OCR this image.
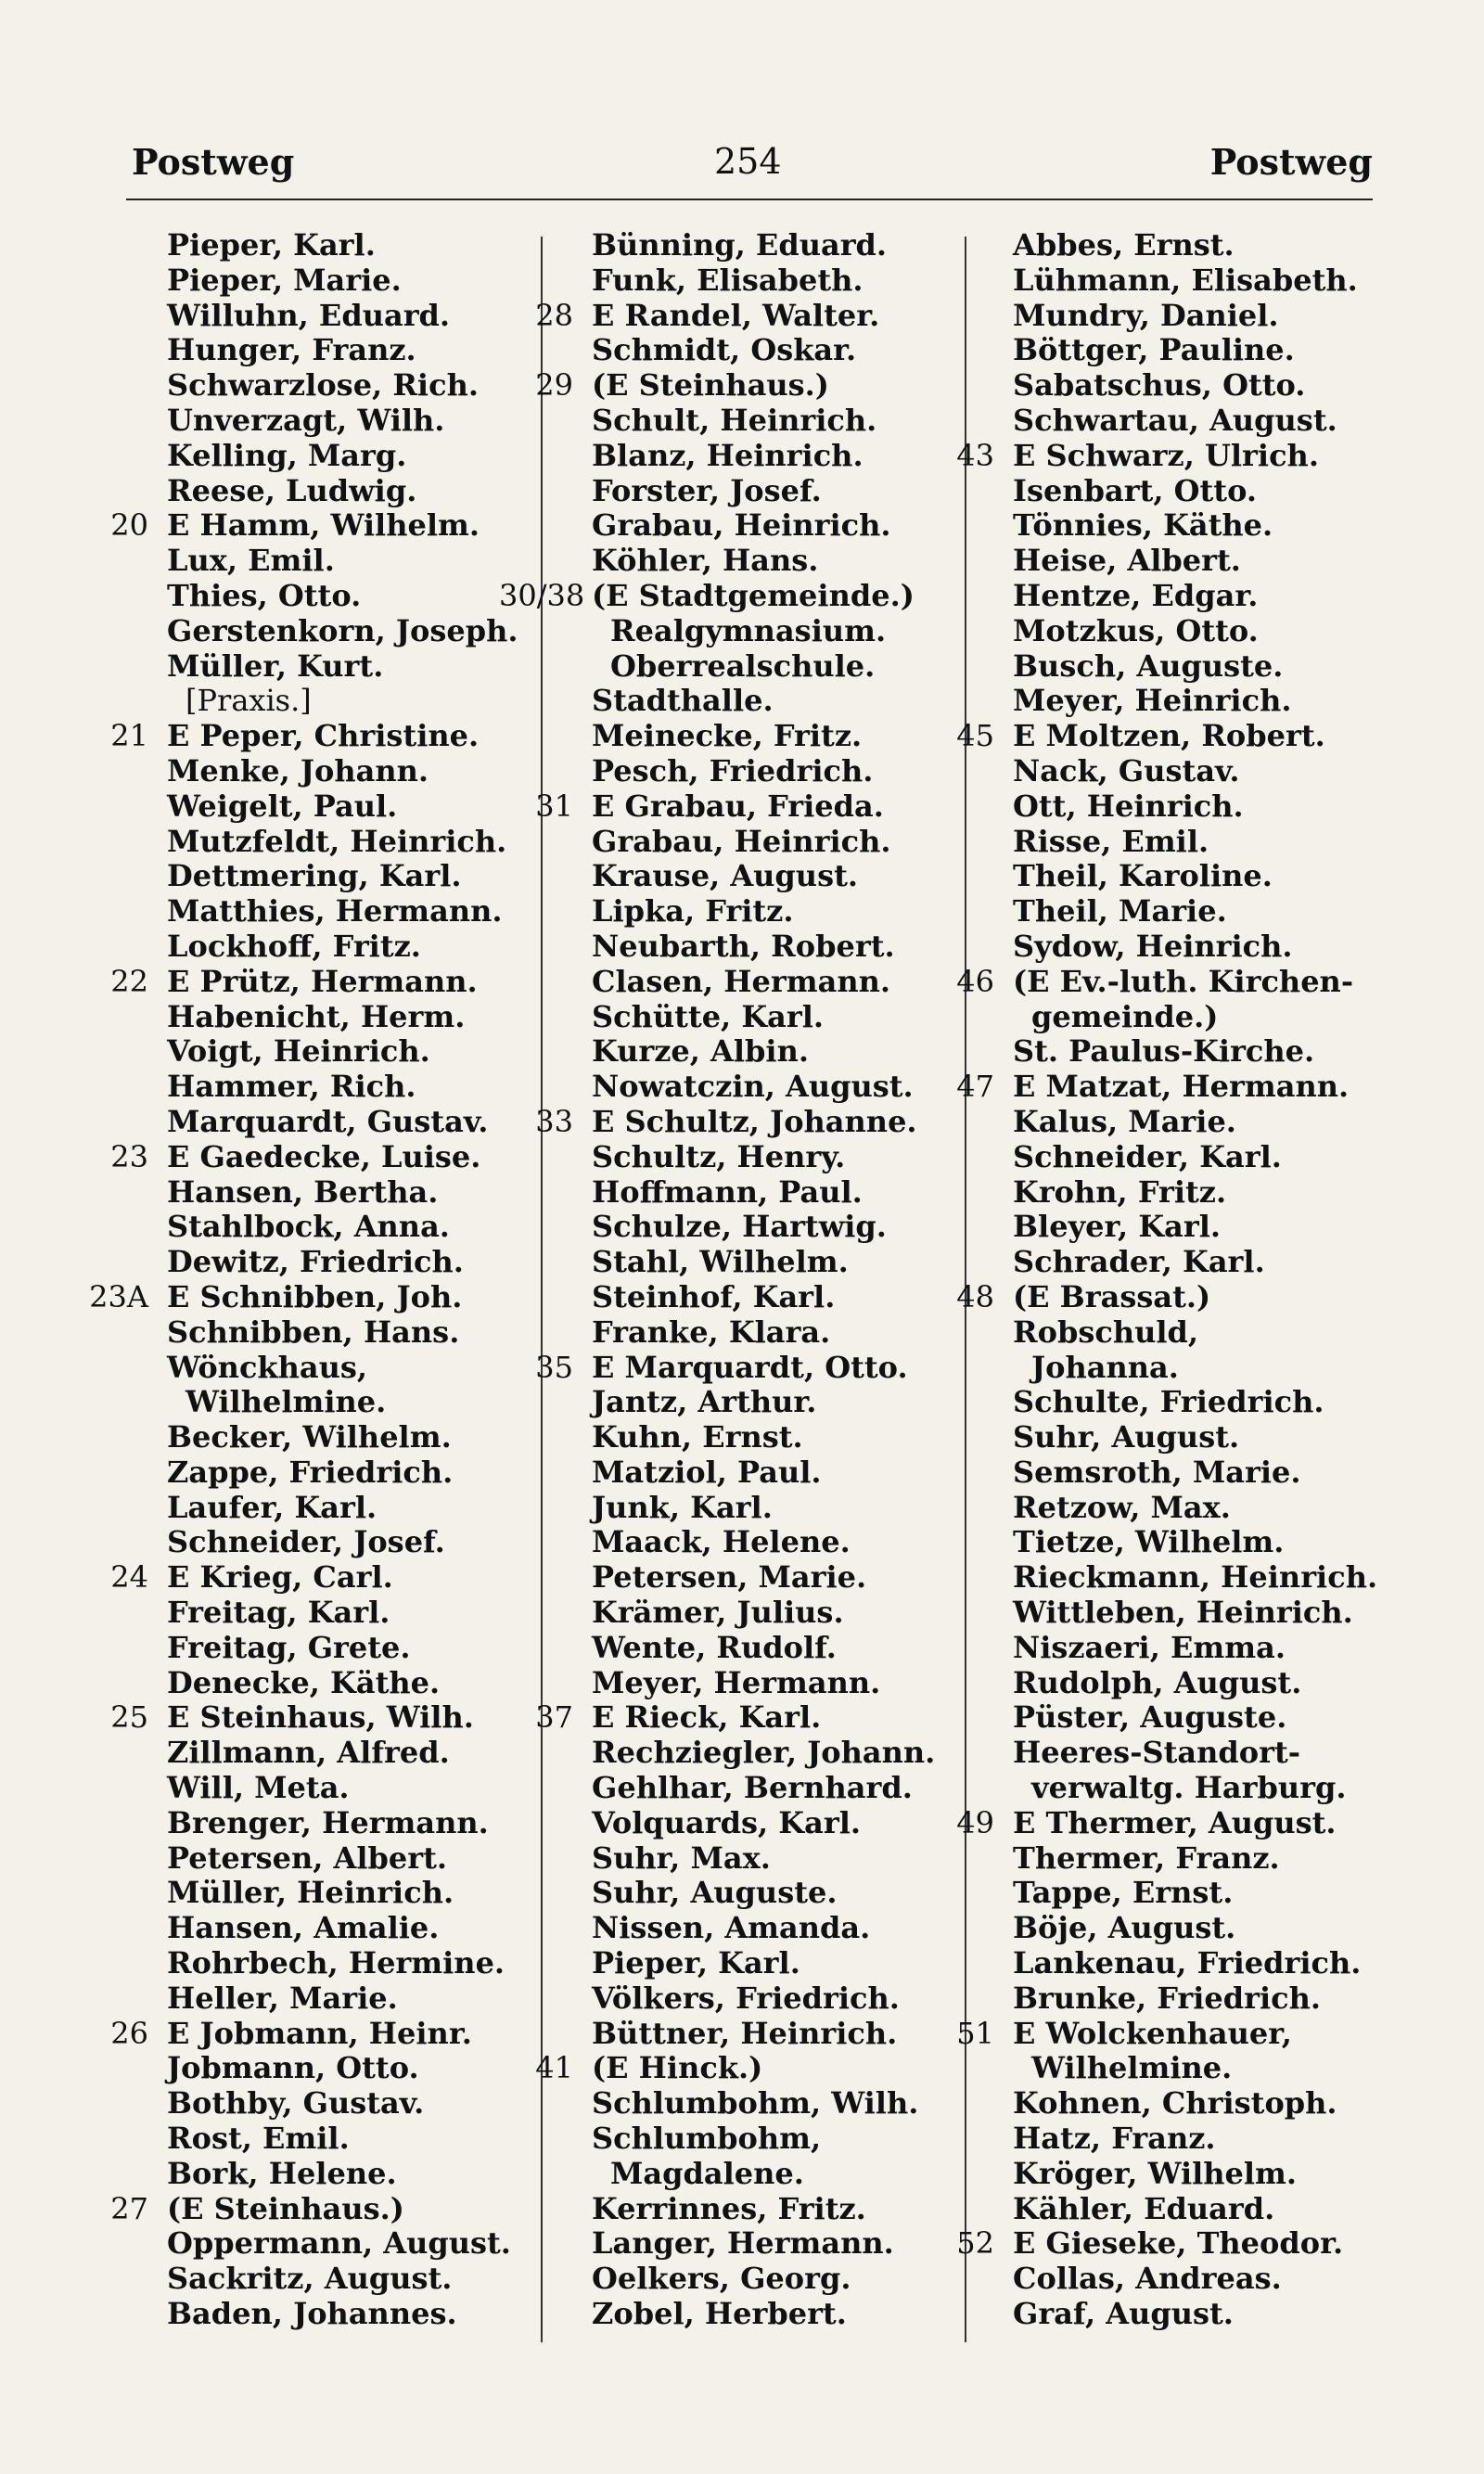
Postweg	254	Postweg
Pieper, Karl.
Pieper, Marie.
Willuhn, Eduard.
Hunger, Franz.
Schwarzlose, Rich.
Unverzagt, Wilh.
Kelling, Marg.
Reese, Ludwig.
20 E Hamm, Wilhelm.
Lux, Emil.
Thies, Otto.
Gerstenkorn, Joseph.
Müller, Kurt.
[Praxis.]
21 E Peper, Christine.
Menke, Johann.
Weigelt, Paul.
Mutzfeldt, Heinrich.
Dettmering, Karl.
Matthies, Hermann.
Lockhoff, Fritz.
22 E Prütz, Hermann.
Habenicht, Herm.
Voigt, Heinrich.
Hammer, Rich.
Marquardt, Gustav.
23 E Gaedecke, Luise.
Hansen, Bertha.
Stahlbock, Anna.
Dewitz, Friedrich.
23A E Schnibben, Joh.
Schnibben, Hans.
Wönckhaus,
Wilhelmine.
Becker, Wilhelm.
Zappe, Friedrich.
Laufer, Karl.
Schneider, Josef.
24 E Krieg, Carl.
Freitag, Karl.
Freitag, Grete.
Denecke, Käthe.
25 E Steinhaus, Wilh.
Zillmann, Alfred.
Will, Meta.
Brenger, Hermann.
Petersen, Albert.
Müller, Heinrich.
Hansen, Amalie.
Rohrbech, Hermine.
Heller, Marie.
26 E Jobmann, Heinr.
Jobmann, Otto.
Bothby, Gustav.
Rost, Emil.
Bork, Helene.
27 (E Steinhaus.)
Oppermann, August.
Sackritz, August.
Baden, Johannes.
Bünning, Eduard.
Funk, Elisabeth.
28 E Randel, Walter.
Schmidt, Oskar.
29 (E Steinhaus.)
Schult, Heinrich.
Blanz, Heinrich.
Forster, Josef.
Grabau, Heinrich.
Köhler, Hans.
30/38 (E Stadtgemeinde.)
Realgymnasium.
Oberrealschule.
Stadthalle.
Meinecke, Fritz.
Pesch, Friedrich.
31 E Grabau, Frieda.
Grabau, Heinrich.
Krause, August.
Lipka, Fritz.
Neubarth, Robert.
Clasen, Hermann.
Schütte, Karl.
Kurze, Albin.
Nowatczin, August.
33 E Schultz, Johanne.
Schultz, Henry.
Hoffmann, Paul.
Schulze, Hartwig.
Stahl, Wilhelm.
Steinhof, Karl.
Franke, Klara.
35 E Marquardt, Otto.
Jantz, Arthur.
Kuhn, Ernst.
Matziol, Paul.
Junk, Karl.
Maack, Helene.
Petersen, Marie.
Krämer, Julius.
Wente, Rudolf.
Meyer, Hermann.
37 E Rieck, Karl.
Rechziegler, Johann.
Gehlhar, Bernhard.
Volquards, Karl.
Suhr, Max.
Suhr, Auguste.
Nissen, Amanda.
Pieper, Karl.
Völkers, Friedrich.
Büttner, Heinrich.
41 (E Hinck.)
Schlumbohm, Wilh.
Schlumbohm,
Magdalene.
Kerrinnes, Fritz.
Langer, Hermann.
Oelkers, Georg.
Zobel, Herbert.
Abbes, Ernst.
Lühmann, Elisabeth.
Mundry, Daniel.
Böttger, Pauline.
Sabatschus, Otto.
Schwartau, August.
43 E Schwarz, Ulrich.
Isenbart, Otto.
Tönnies, Käthe.
Heise, Albert.
Hentze, Edgar.
Motzkus, Otto.
Busch, Auguste.
Meyer, Heinrich.
45 E Moltzen, Robert.
Nack, Gustav.
Ott, Heinrich.
Risse, Emil.
Theil, Karoline.
Theil, Marie.
Sydow, Heinrich.
46 (E Ev.-luth. Kirchen-
gemeinde.)
St. Paulus-Kirche.
47 E Matzat, Hermann.
Kalus, Marie.
Schneider, Karl.
Krohn, Fritz.
Bleyer, Karl.
Schrader, Karl.
48 (E Brassat.)
Robschuld,
Johanna.
Schulte, Friedrich.
Suhr, August.
Semsroth, Marie.
Retzow, Max.
Tietze, Wilhelm.
Rieckmann, Heinrich.
Wittleben, Heinrich.
Niszaeri, Emma.
Rudolph, August.
Püster, Auguste.
Heeres-Standort-
verwaltg. Harburg.
49 E Thermer, August.
Thermer, Franz.
Tappe, Ernst.
Böje, August.
Lankenau, Friedrich.
Brunke, Friedrich.
51 E Wolckenhauer,
Wilhelmine.
Kohnen, Christoph.
Hatz, Franz.
Kröger, Wilhelm.
Kähler, Eduard.
52 E Gieseke, Theodor.
Collas, Andreas.
Graf, August.
